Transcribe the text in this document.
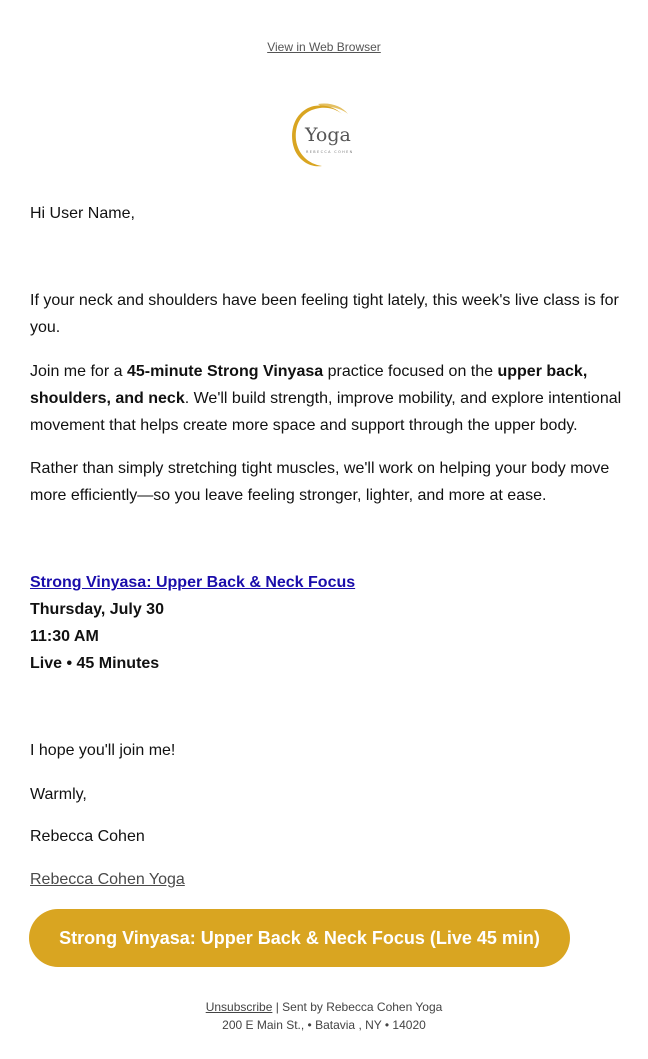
View in Web Browser
Yoga
REBECCA COHEN

Hi User Name,

If your neck and shoulders have been feeling tight lately, this week's live class is for you.

Join me for a 45-minute Strong Vinyasa practice focused on the upper back, shoulders, and neck. We'll build strength, improve mobility, and explore intentional movement that helps create more space and support through the upper body.

Rather than simply stretching tight muscles, we'll work on helping your body move more efficiently—so you leave feeling stronger, lighter, and more at ease.

Strong Vinyasa: Upper Back & Neck Focus

Thursday, July 30

11:30 AM

Live • 45 Minutes

I hope you'll join me!

Warmly,

Rebecca Cohen

Rebecca Cohen Yoga

Strong Vinyasa: Upper Back & Neck Focus (Live 45 min)
Unsubscribe | Sent by Rebecca Cohen Yoga
200 E Main St., • Batavia , NY • 14020
